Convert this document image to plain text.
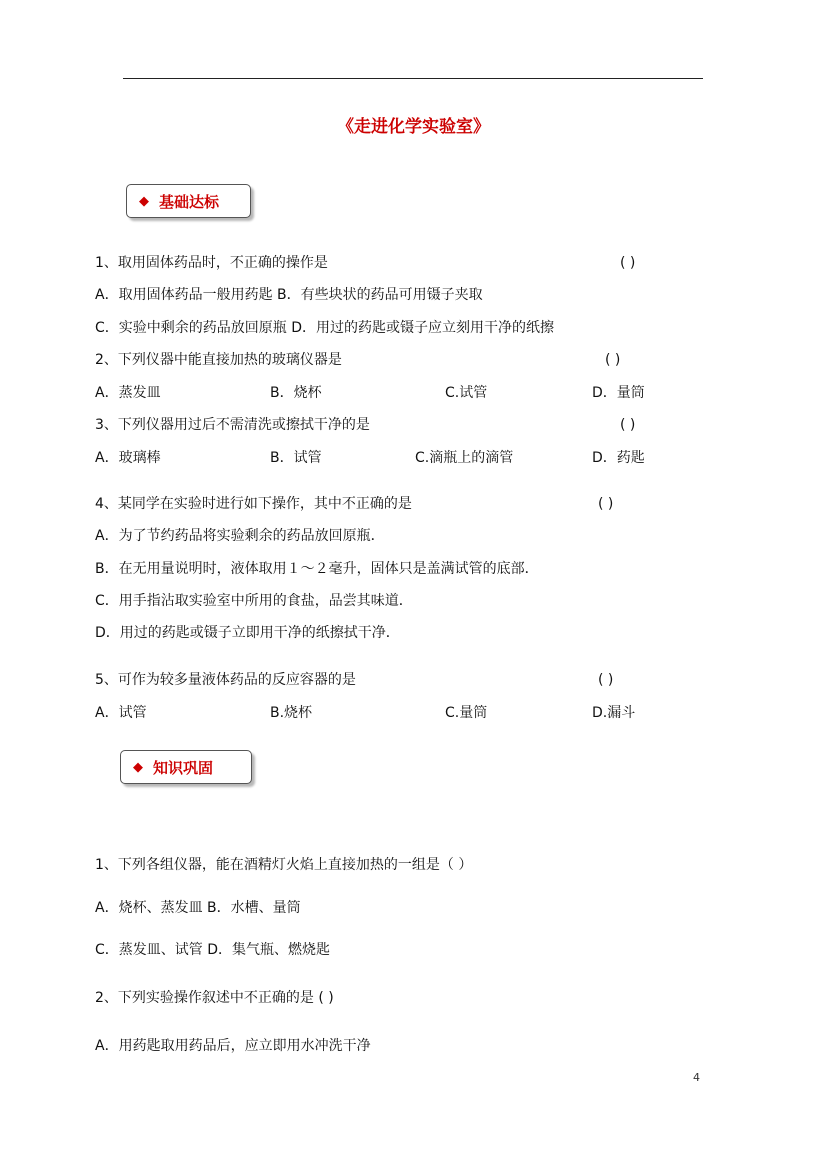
《走进化学实验室》
◆ 基础达标
1、取用固体药品时，不正确的操作是	( )
A．取用固体药品一般用药匙 B．有些块状的药品可用镊子夹取
C．实验中剩余的药品放回原瓶 D．用过的药匙或镊子应立刻用干净的纸擦
2、下列仪器中能直接加热的玻璃仪器是	( )
A．蒸发皿	B．烧杯	C.试管	D．量筒
3、下列仪器用过后不需清洗或擦拭干净的是	( )
A．玻璃棒	B．试管	C.滴瓶上的滴管	D．药匙
4、某同学在实验时进行如下操作，其中不正确的是	( )
A．为了节约药品将实验剩余的药品放回原瓶．
B．在无用量说明时，液体取用１～２毫升，固体只是盖满试管的底部．
C．用手指沾取实验室中所用的食盐，品尝其味道．
D．用过的药匙或镊子立即用干净的纸擦拭干净．
5、可作为较多量液体药品的反应容器的是	( )
A．试管	B.烧杯	C.量筒	D.漏斗
◆ 知识巩固
1、下列各组仪器，能在酒精灯火焰上直接加热的一组是（ ）
A．烧杯、蒸发皿 B．水槽、量筒
C．蒸发皿、试管 D．集气瓶、燃烧匙
2、下列实验操作叙述中不正确的是 ( )
A．用药匙取用药品后，应立即用水冲洗干净
4
